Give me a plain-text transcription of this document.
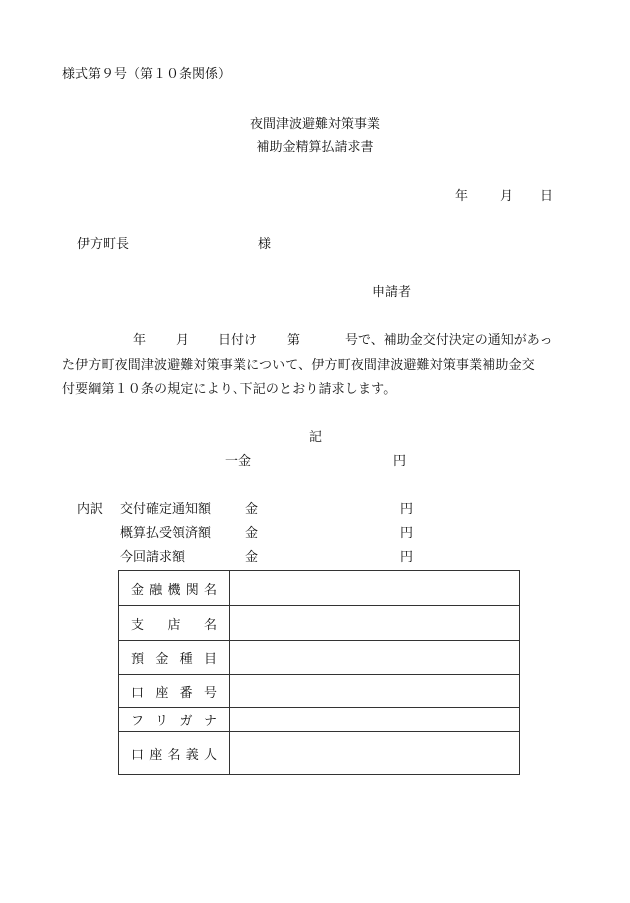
様式第９号（第１０条関係）
夜間津波避難対策事業
補助金精算払請求書
年 月 日
伊方町長	様
申請者
年 月 日付け 第	号で、補助金交付決定の通知があっ
た伊方町夜間津波避難対策事業について、伊方町夜間津波避難対策事業補助金交
付要綱第１０条の規定により､下記のとおり請求します。
記
一金	円
内訳 交付確定通知額	金	円
概算払受領済額	金	円
今回請求額	金	円
金融機関名	
支店名	
預金種目	
口座番号	
フリガナ	
口座名義人	
